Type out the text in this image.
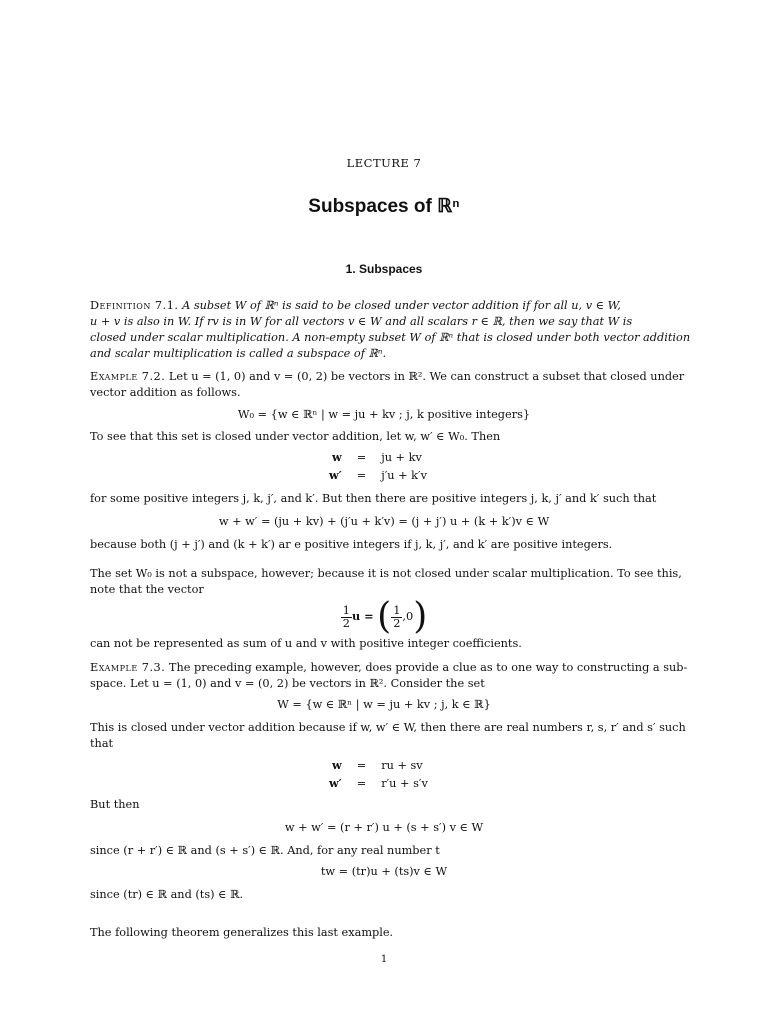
LECTURE 7
Subspaces of ℝⁿ
1. Subspaces
Definition 7.1. A subset W of ℝⁿ is said to be closed under vector addition if for all u, v ∈ W,
u + v is also in W. If rv is in W for all vectors v ∈ W and all scalars r ∈ ℝ, then we say that W is
closed under scalar multiplication. A non-empty subset W of ℝⁿ that is closed under both vector addition
and scalar multiplication is called a subspace of ℝⁿ.
Example 7.2. Let u = (1, 0) and v = (0, 2) be vectors in ℝ². We can construct a subset that closed under
vector addition as follows.
W₀ = {w ∈ ℝⁿ | w = ju + kv ; j, k positive integers}
To see that this set is closed under vector addition, let w, w′ ∈ W₀. Then
w	=	ju + kv
w′	=	j′u + k′v
for some positive integers j, k, j′, and k′. But then there are positive integers j, k, j′ and k′ such that
w + w′ = (ju + kv) + (j′u + k′v) = (j + j′) u + (k + k′)v ∈ W
because both (j + j′) and (k + k′) ar e positive integers if j, k, j′, and k′ are positive integers.
The set W₀ is not a subspace, however; because it is not closed under scalar multiplication. To see this,
note that the vector
$\frac{1}{2}$ u = ( $\frac{1}{2} ,0$)
can not be represented as sum of u and v with positive integer coefficients.
Example 7.3. The preceding example, however, does provide a clue as to one way to constructing a sub-
space. Let u = (1, 0) and v = (0, 2) be vectors in ℝ². Consider the set
W = {w ∈ ℝⁿ | w = ju + kv ; j, k ∈ ℝ}
This is closed under vector addition because if w, w′ ∈ W, then there are real numbers r, s, r′ and s′ such
that
w	=	ru + sv
w′	=	r′u + s′v
But then
w + w′ = (r + r′) u + (s + s′) v ∈ W
since (r + r′) ∈ ℝ and (s + s′) ∈ ℝ. And, for any real number t
tw = (tr)u + (ts)v ∈ W
since (tr) ∈ ℝ and (ts) ∈ ℝ.
The following theorem generalizes this last example.
1
